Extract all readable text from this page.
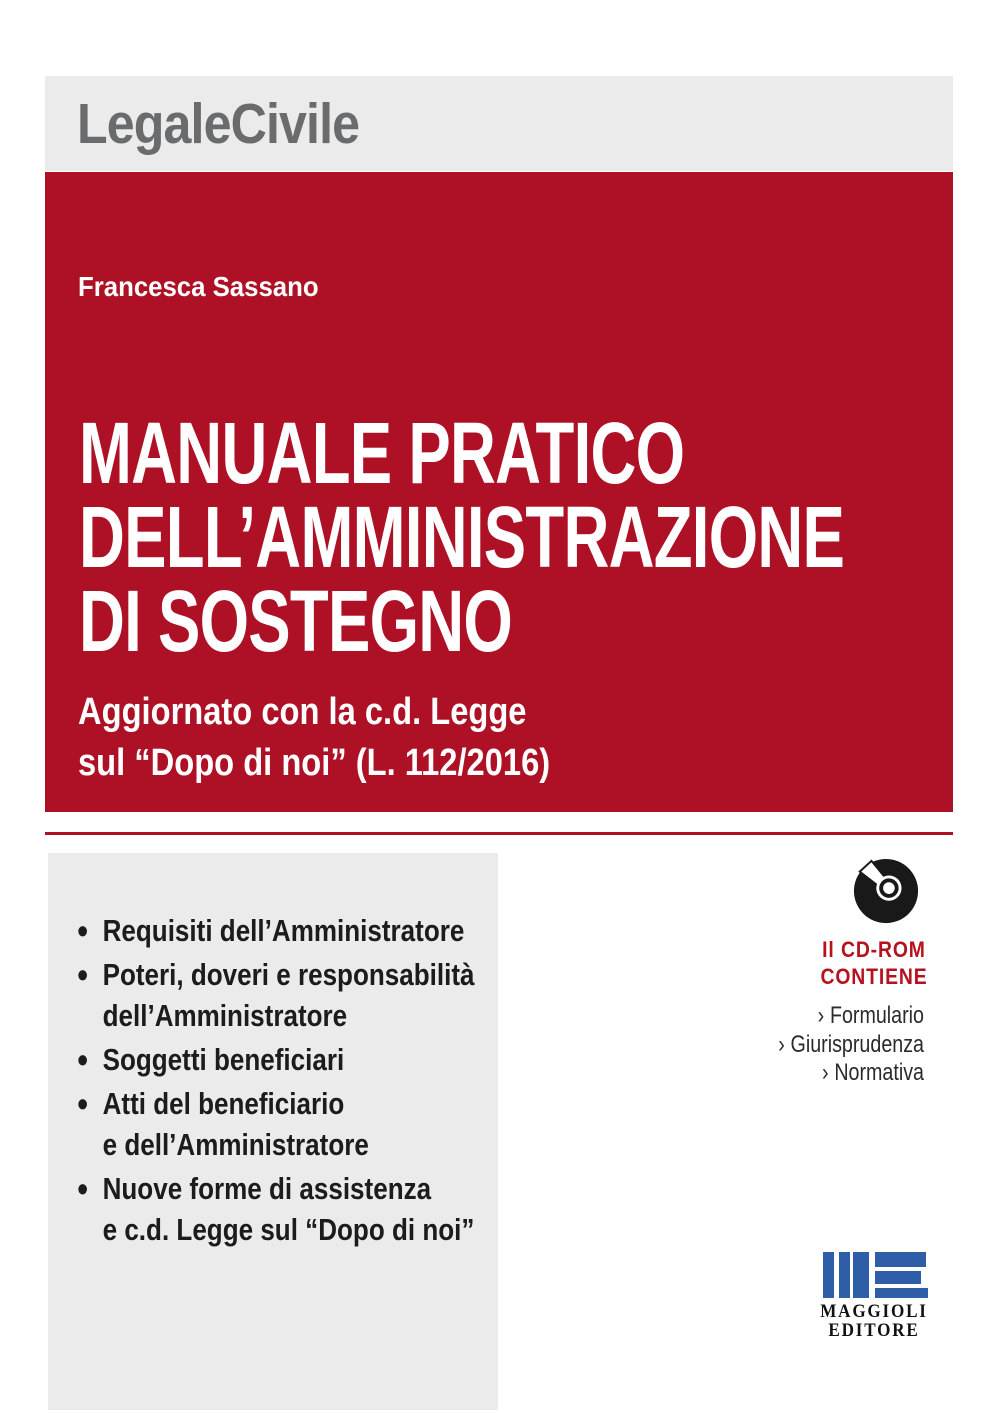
LegaleCivile
Francesca Sassano
MANUALE PRATICO
DELL’AMMINISTRAZIONE
DI SOSTEGNO
Aggiornato con la c.d. Legge
sul “Dopo di noi” (L. 112/2016)
• Requisiti dell’Amministratore
• Poteri, doveri e responsabilità
dell’Amministratore
• Soggetti beneficiari
• Atti del beneficiario
e dell’Amministratore
• Nuove forme di assistenza
e c.d. Legge sul “Dopo di noi”
Il CD-ROM
CONTIENE
› Formulario
› Giurisprudenza
› Normativa
MAGGIOLI
EDITORE
